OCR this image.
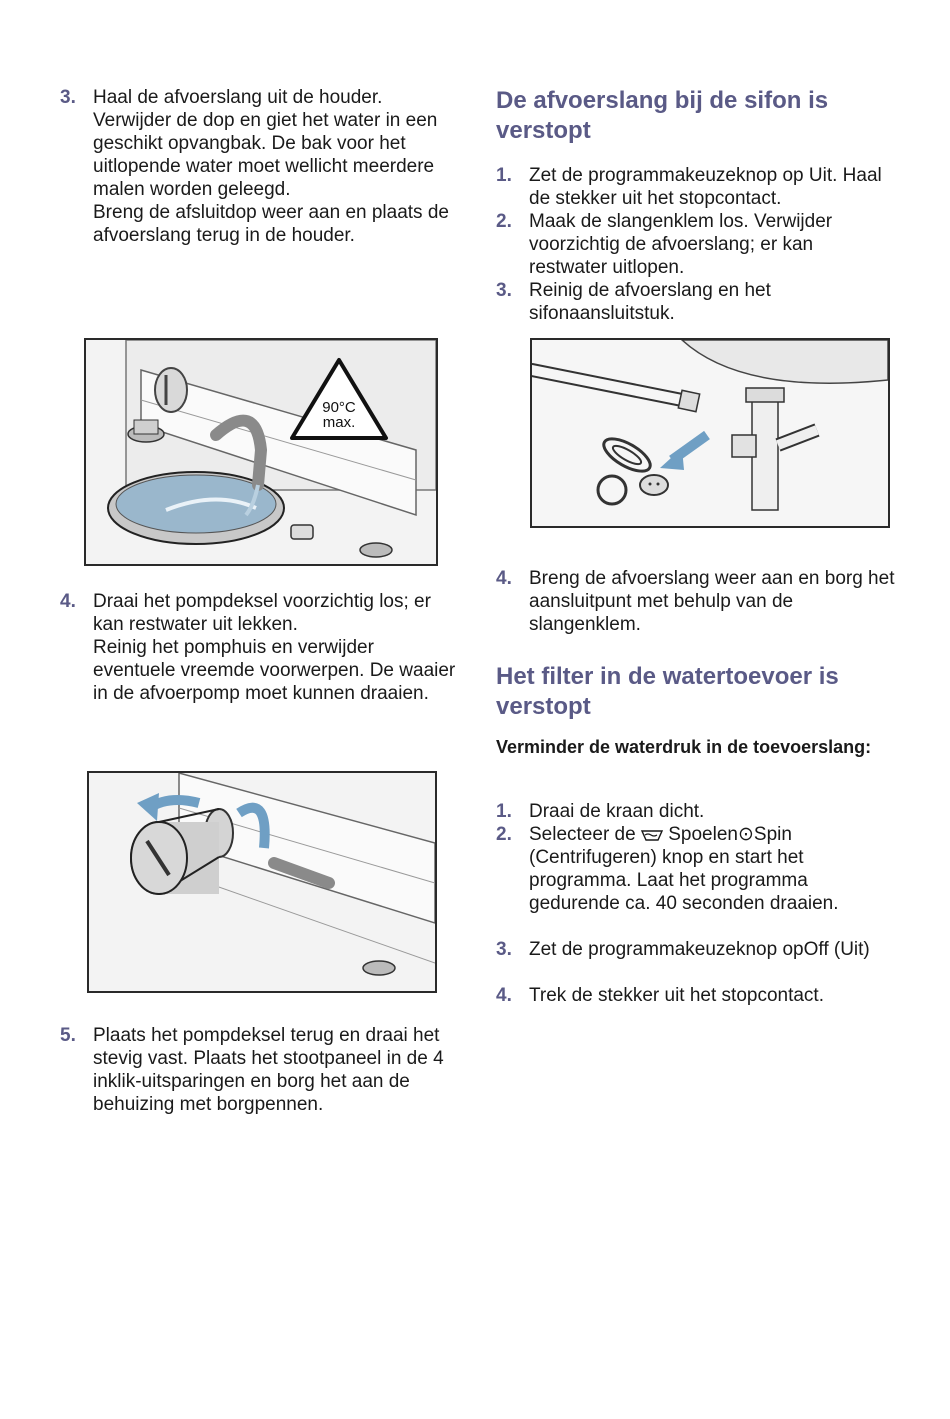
3. Haal de afvoerslang uit de houder.

Verwijder de dop en giet het water in een geschikt opvangbak. De bak voor het uitlopende water moet wellicht meerdere malen worden geleegd.

Breng de afsluitdop weer aan en plaats de afvoerslang terug in de houder.

90°C
max.
4. Draai het pompdeksel voorzichtig los; er kan restwater uit lekken.

Reinig het pomphuis en verwijder eventuele vreemde voorwerpen. De waaier in de afvoerpomp moet kunnen draaien.

5. Plaats het pompdeksel terug en draai het stevig vast. Plaats het stootpaneel in de 4 inklik-uitsparingen en borg het aan de behuizing met borgpennen.

De afvoerslang bij de sifon is verstopt
1. Zet de programmakeuzeknop op Uit. Haal de stekker uit het stopcontact.

2. Maak de slangenklem los. Verwijder voorzichtig de afvoerslang; er kan restwater uitlopen.

3. Reinig de afvoerslang en het sifonaansluitstuk.

4. Breng de afvoerslang weer aan en borg het aansluitpunt met behulp van de slangenklem.

Het filter in de watertoevoer is verstopt
Verminder de waterdruk in de toevoerslang:
1. Draai de kraan dicht.

2. Selecteer de  Spoelen⊙Spin (Centrifugeren) knop en start het programma. Laat het programma gedurende ca. 40 seconden draaien.

3. Zet de programmakeuzeknop opOff (Uit)

4. Trek de stekker uit het stopcontact.
